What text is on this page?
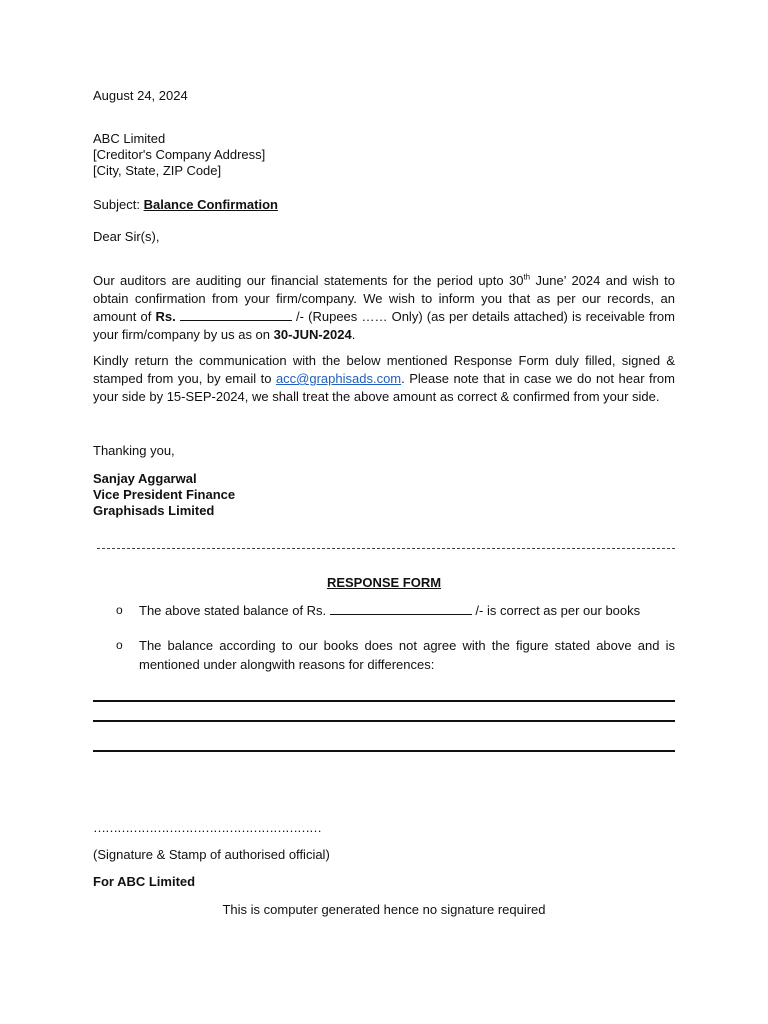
August 24, 2024
ABC Limited
[Creditor's Company Address]
[City, State, ZIP Code]
Subject: Balance Confirmation
Dear Sir(s),
Our auditors are auditing our financial statements for the period upto 30th June’ 2024 and wish to obtain confirmation from your firm/company. We wish to inform you that as per our records, an amount of Rs.	/- (Rupees …… Only) (as per details attached) is receivable from your firm/company by us as on 30-JUN-2024.
Kindly return the communication with the below mentioned Response Form duly filled, signed & stamped from you, by email to acc@graphisads.com. Please note that in case we do not hear from your side by 15-SEP-2024, we shall treat the above amount as correct & confirmed from your side.
Thanking you,
Sanjay Aggarwal
Vice President Finance
Graphisads Limited
RESPONSE FORM
o	The above stated balance of Rs.	/- is correct as per our books
o	The balance according to our books does not agree with the figure stated above and is mentioned under alongwith reasons for differences:
…………………………………………………
(Signature & Stamp of authorised official)
For ABC Limited
This is computer generated hence no signature required
